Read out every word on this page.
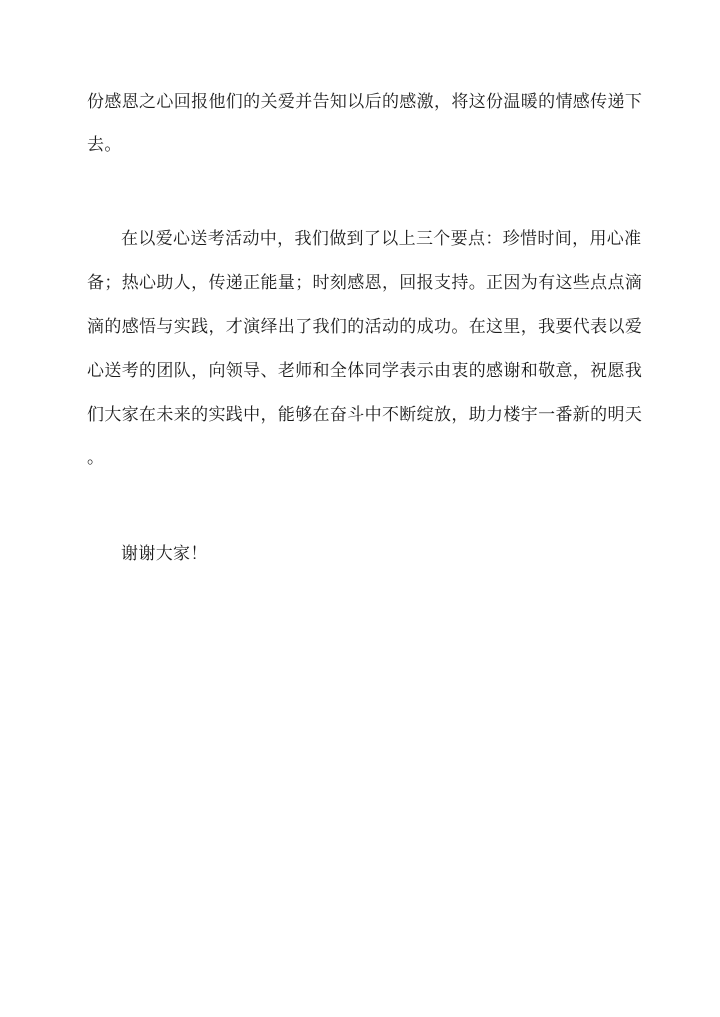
份感恩之心回报他们的关爱并告知以后的感激，将这份温暖的情感传递下
去。
在以爱心送考活动中，我们做到了以上三个要点：珍惜时间，用心准
备；热心助人，传递正能量；时刻感恩，回报支持。正因为有这些点点滴
滴的感悟与实践，才演绎出了我们的活动的成功。在这里，我要代表以爱
心送考的团队，向领导、老师和全体同学表示由衷的感谢和敬意，祝愿我
们大家在未来的实践中，能够在奋斗中不断绽放，助力楼宇一番新的明天
。
谢谢大家！
